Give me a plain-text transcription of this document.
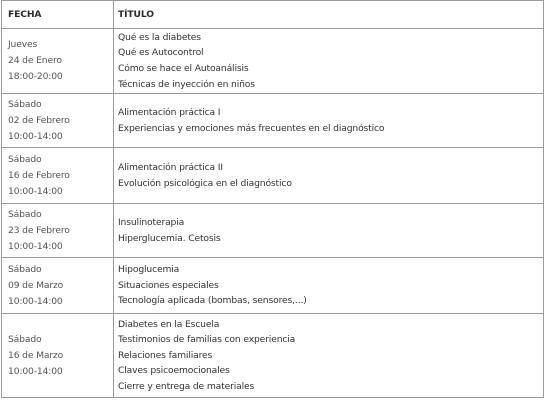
FECHA	TÍTULO

Jueves
24 de Enero
18:00-20:00	Qué es la diabetes
Qué es Autocontrol
Cómo se hace el Autoanálisis
Técnicas de inyección en niños

Sábado
02 de Febrero
10:00-14:00	Alimentación práctica I
Experiencias y emociones más frecuentes en el diagnóstico

Sábado
16 de Febrero
10:00-14:00	Alimentación práctica II
Evolución psicológica en el diagnóstico

Sábado
23 de Febrero
10:00-14:00	Insulinoterapia
Hiperglucemia. Cetosis

Sábado
09 de Marzo
10:00-14:00	Hipoglucemia
Situaciones especiales
Tecnología aplicada (bombas, sensores,...)

Sábado
16 de Marzo
10:00-14:00	Diabetes en la Escuela
Testimonios de familias con experiencia
Relaciones familiares
Claves psicoemocionales
Cierre y entrega de materiales
